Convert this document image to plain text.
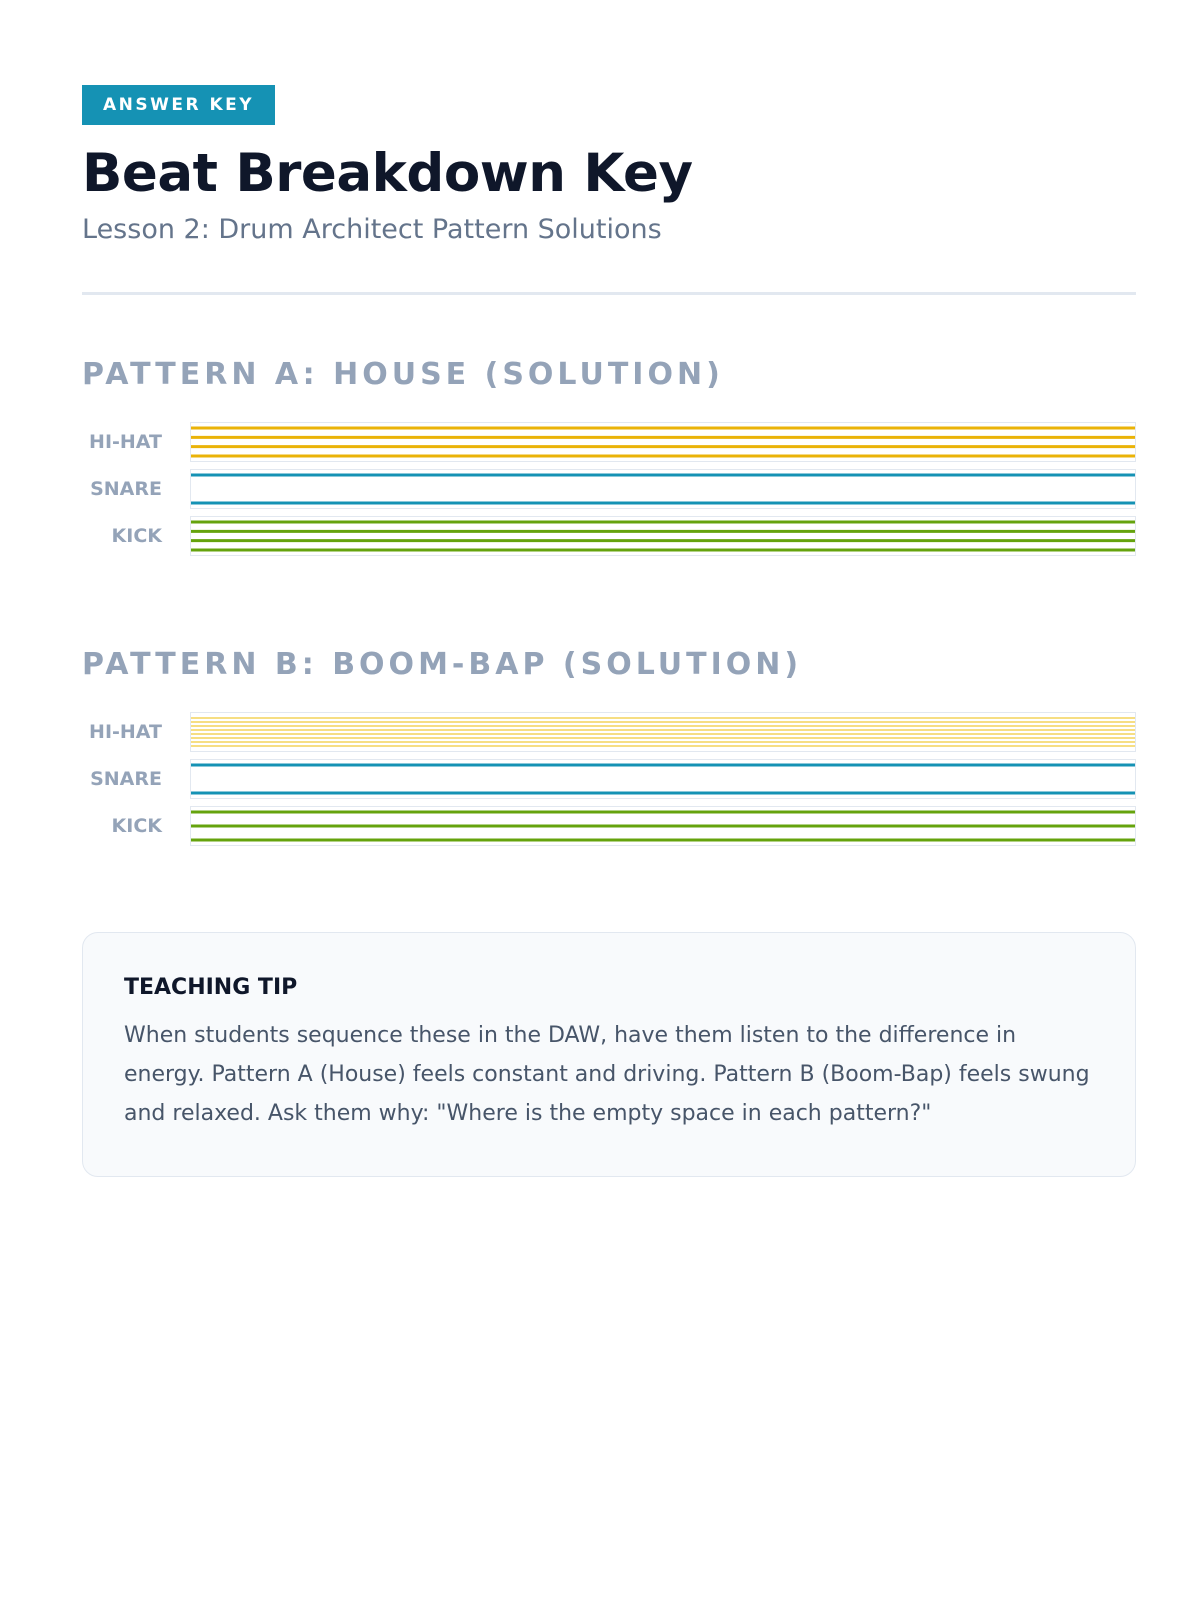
ANSWER KEY
Beat Breakdown Key
Lesson 2: Drum Architect Pattern Solutions
PATTERN A: HOUSE (SOLUTION)
HI-HAT
SNARE
KICK
PATTERN B: BOOM-BAP (SOLUTION)
HI-HAT
SNARE
KICK
TEACHING TIP

When students sequence these in the DAW, have them listen to the difference in energy. Pattern A (House) feels constant and driving. Pattern B (Boom-Bap) feels swung and relaxed. Ask them why: "Where is the empty space in each pattern?"
